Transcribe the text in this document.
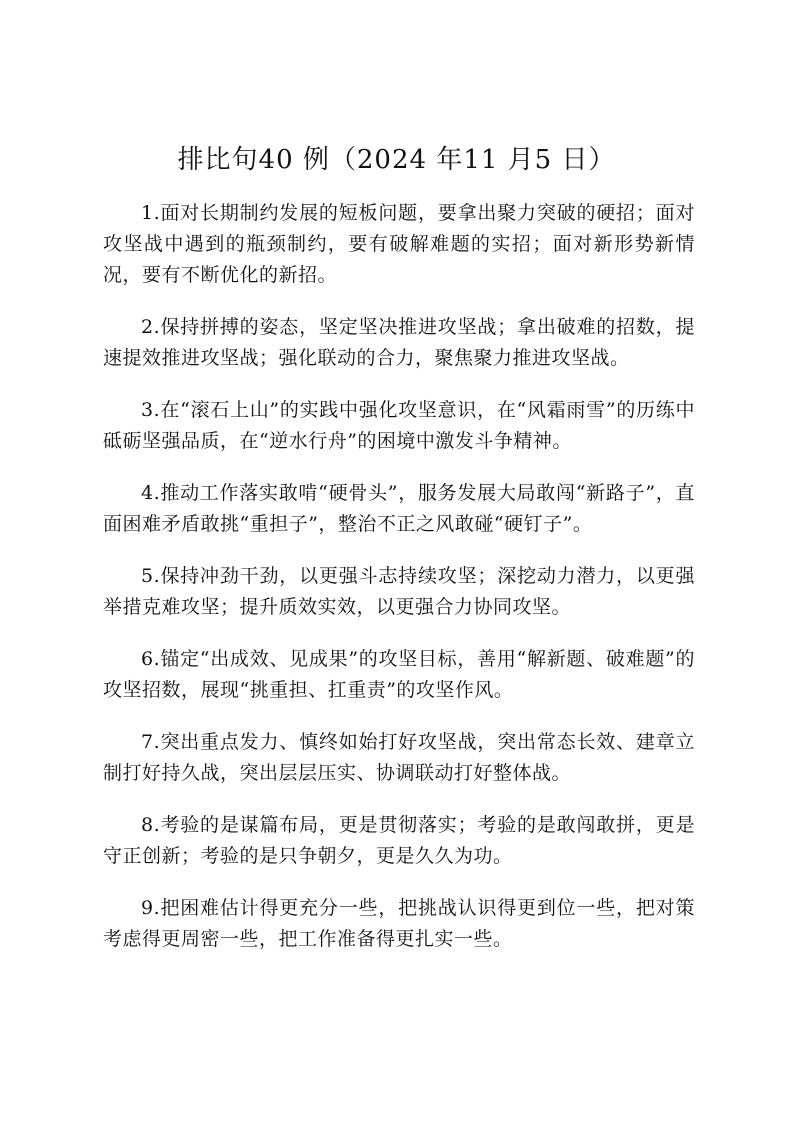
排比句40 例（2024 年11 月5 日）

1.面对长期制约发展的短板问题，要拿出聚力突破的硬招；面对攻坚战中遇到的瓶颈制约，要有破解难题的实招；面对新形势新情况，要有不断优化的新招。

2.保持拼搏的姿态，坚定坚决推进攻坚战；拿出破难的招数，提速提效推进攻坚战；强化联动的合力，聚焦聚力推进攻坚战。

3.在“滚石上山”的实践中强化攻坚意识，在“风霜雨雪”的历练中砥砺坚强品质，在“逆水行舟”的困境中激发斗争精神。

4.推动工作落实敢啃“硬骨头”，服务发展大局敢闯“新路子”，直面困难矛盾敢挑“重担子”，整治不正之风敢碰“硬钉子”。

5.保持冲劲干劲，以更强斗志持续攻坚；深挖动力潜力，以更强举措克难攻坚；提升质效实效，以更强合力协同攻坚。

6.锚定“出成效、见成果”的攻坚目标，善用“解新题、破难题”的攻坚招数，展现“挑重担、扛重责”的攻坚作风。

7.突出重点发力、慎终如始打好攻坚战，突出常态长效、建章立制打好持久战，突出层层压实、协调联动打好整体战。

8.考验的是谋篇布局，更是贯彻落实；考验的是敢闯敢拼，更是守正创新；考验的是只争朝夕，更是久久为功。

9.把困难估计得更充分一些，把挑战认识得更到位一些，把对策考虑得更周密一些，把工作准备得更扎实一些。
